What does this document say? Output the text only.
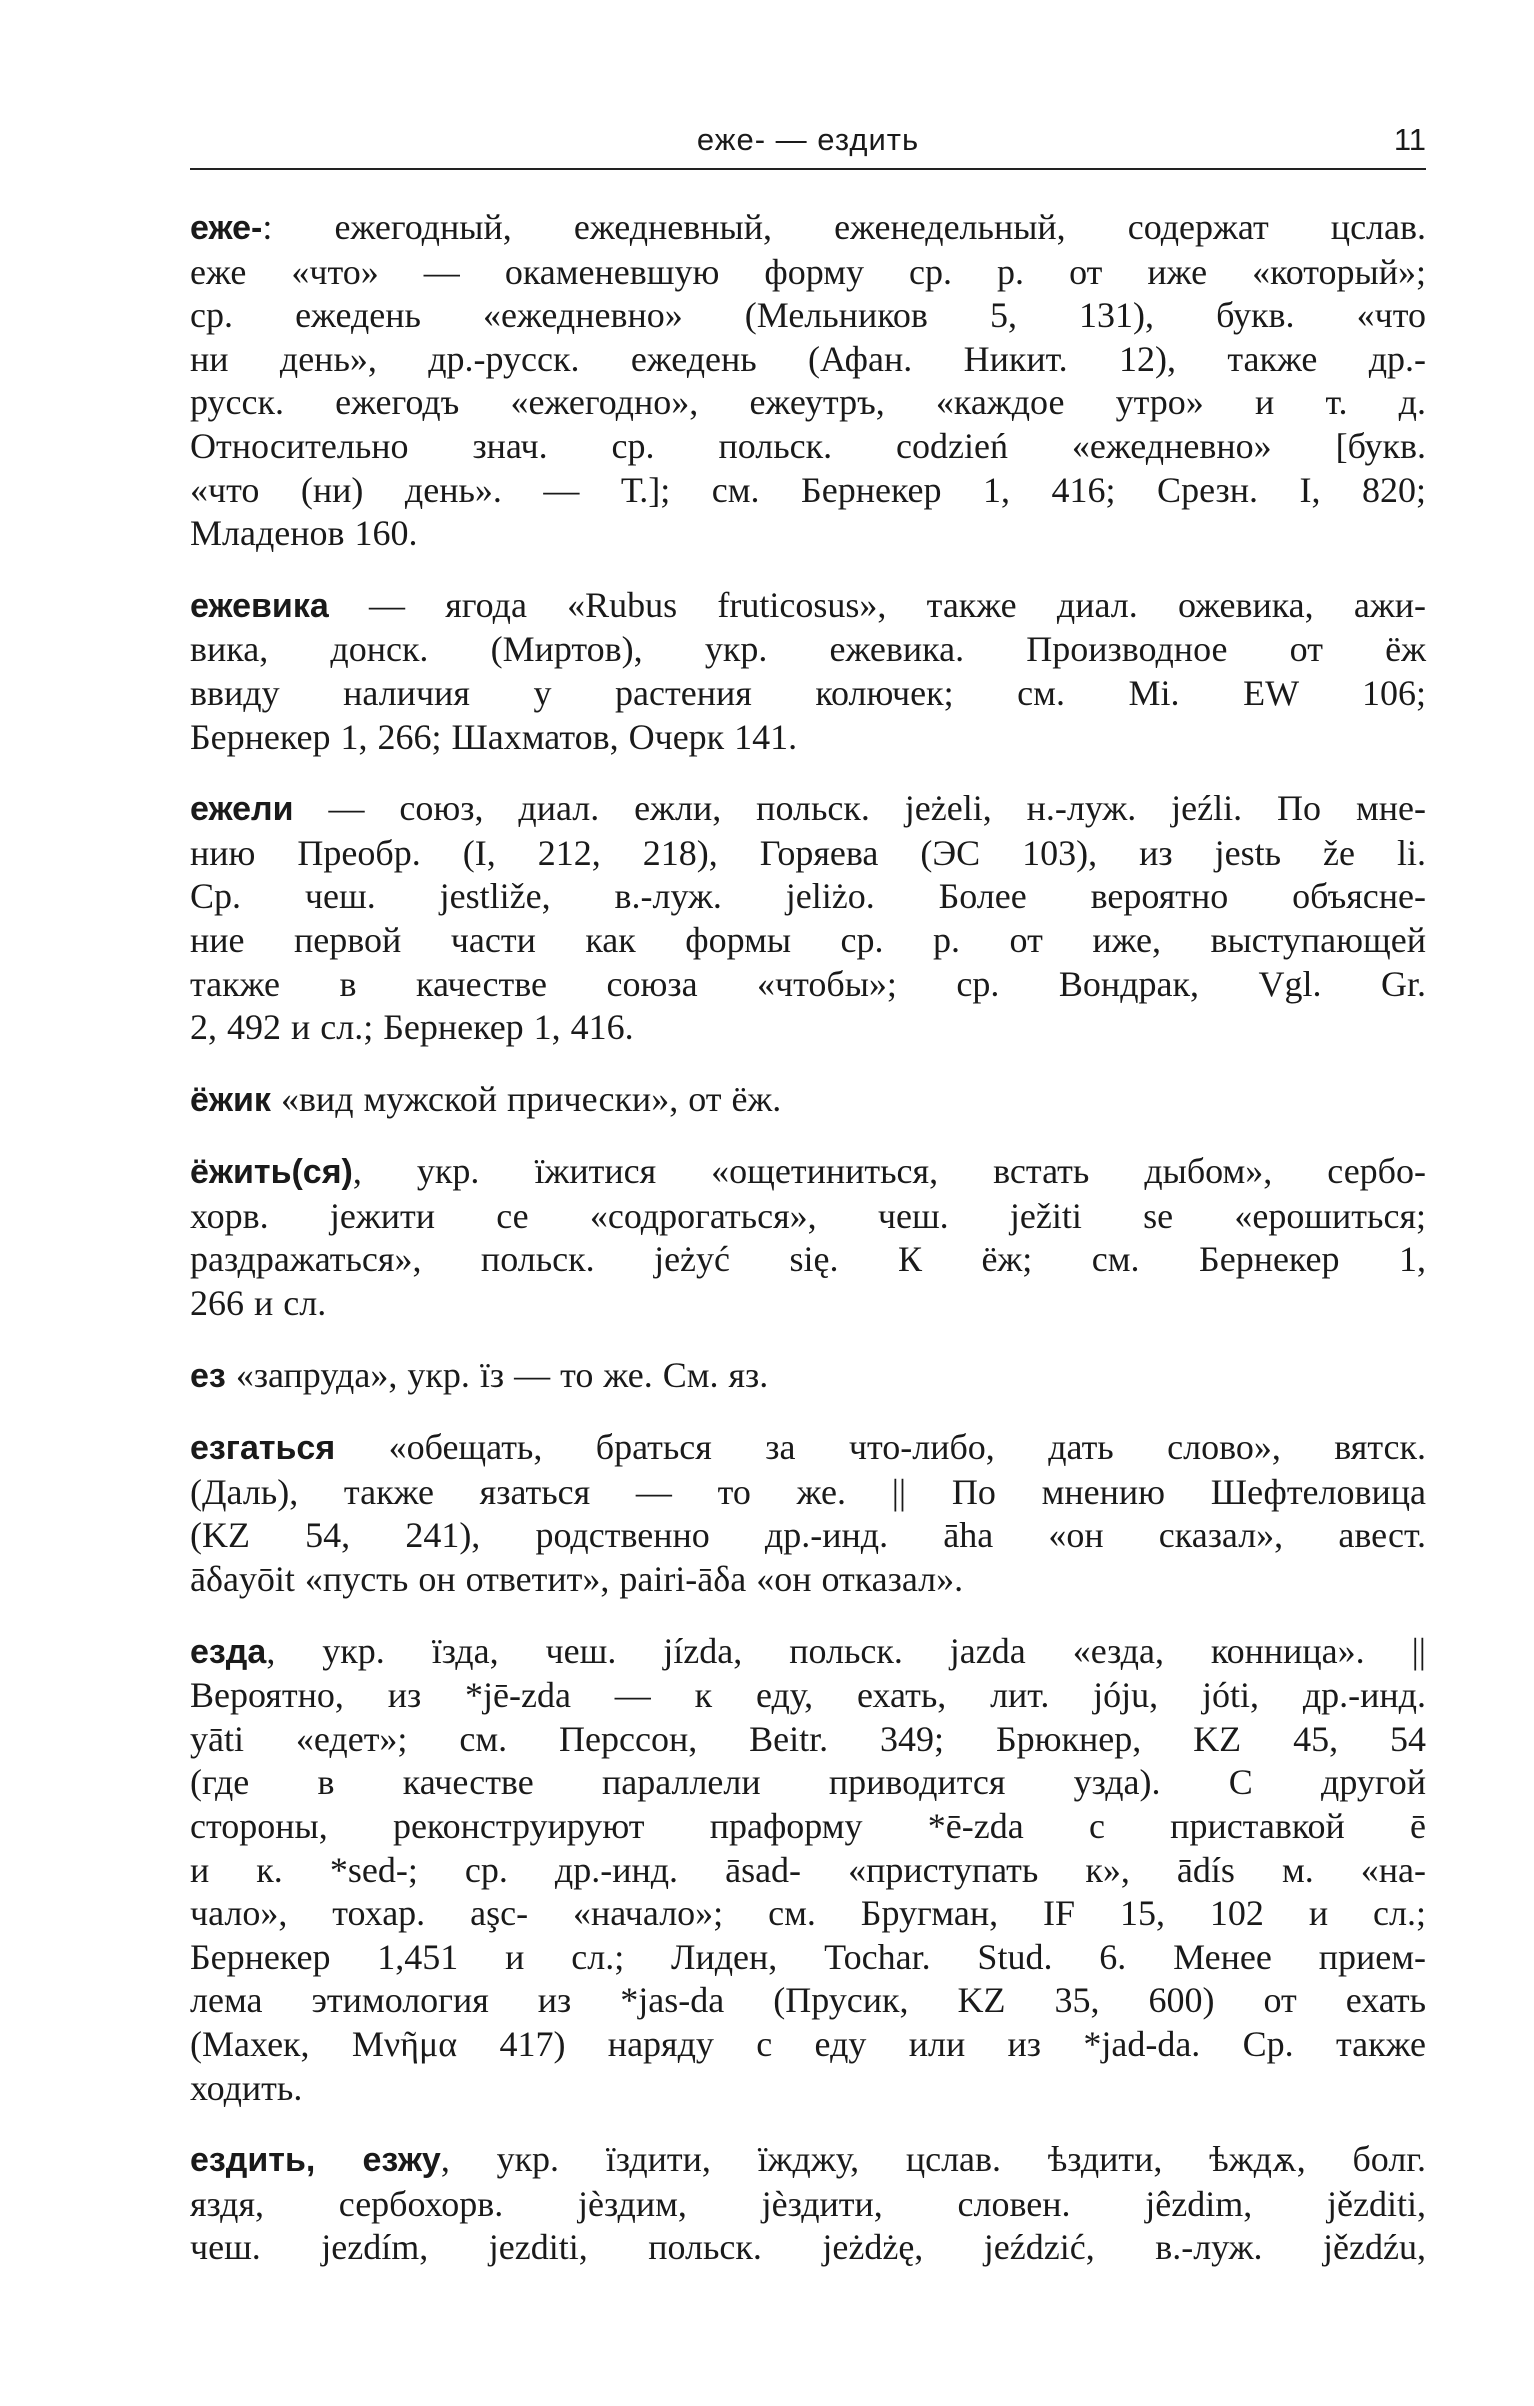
еже- — ездить	11
еже-: ежегодный, ежедневный, еженедельный, содержат цслав.
еже «что» — окаменевшую форму ср. р. от иже «который»;
ср. ежедень «ежедневно» (Мельников 5, 131), букв. «что
ни день», др.-русск. ежедень (Афан. Никит. 12), также др.-
русск. ежегодъ «ежегодно», ежеутръ, «каждое утро» и т. д.
Относительно знач. ср. польск. codzień «ежедневно» [букв.
«что (ни) день». — Т.]; см. Бернекер 1, 416; Срезн. I, 820;
Младенов 160.
ежевика — ягода «Rubus fruticosus», также диал. ожевика, ажи-
вика, донск. (Миртов), укр. ежевика. Производное от ёж
ввиду наличия у растения колючек; см. Mi. EW 106;
Бернекер 1, 266; Шахматов, Очерк 141.
ежели — союз, диал. ежли, польск. jeżeli, н.-луж. jeźli. По мне-
нию Преобр. (I, 212, 218), Горяева (ЭС 103), из jestь že li.
Ср. чеш. jestliže, в.-луж. jeliżo. Более вероятно объясне-
ние первой части как формы ср. р. от иже, выступающей
также в качестве союза «чтобы»; ср. Вондрак, Vgl. Gr.
2, 492 и сл.; Бернекер 1, 416.
ёжик «вид мужской прически», от ёж.
ёжить(ся), укр. їжитися «ощетиниться, встать дыбом», сербо-
хорв. jежити се «содрогаться», чеш. ježiti se «ерошиться;
раздражаться», польск. jeżyć się. К ёж; см. Бернекер 1,
266 и сл.
ез «запруда», укр. їз — то же. См. яз.
езгаться «обещать, браться за что-либо, дать слово», вятск.
(Даль), также язаться — то же. || По мнению Шефтеловица
(KZ 54, 241), родственно др.-инд. āha «он сказал», авест.
āδayōit «пусть он ответит», pairi-āδa «он отказал».
езда, укр. їзда, чеш. jízda, польск. jazda «езда, конница». ||
Вероятно, из *jē-zda — к еду, ехать, лит. jóju, jóti, др.-инд.
yāti «едет»; см. Перссон, Beitr. 349; Брюкнер, KZ 45, 54
(где в качестве параллели приводится узда). С другой
стороны, реконструируют праформу *ē-zda с приставкой ē
и к. *sed-; ср. др.-инд. āsad- «приступать к», ādís м. «на-
чало», тохар. aşc- «начало»; см. Бругман, IF 15, 102 и сл.;
Бернекер 1,451 и сл.; Лиден, Tochar. Stud. 6. Менее прием-
лема этимология из *jas-da (Прусик, KZ 35, 600) от ехать
(Махек, Mνῆμα 417) наряду с еду или из *jad-da. Ср. также
ходить.
ездить, езжу, укр. їздити, їжджу, цслав. ѣздити, ѣждѫ, болг.
яздя, сербохорв. jèздим, jèздити, словен. jêzdim, jězditi,
чеш. jezdím, jezditi, польск. jeżdżę, jeździć, в.-луж. jězdźu,
